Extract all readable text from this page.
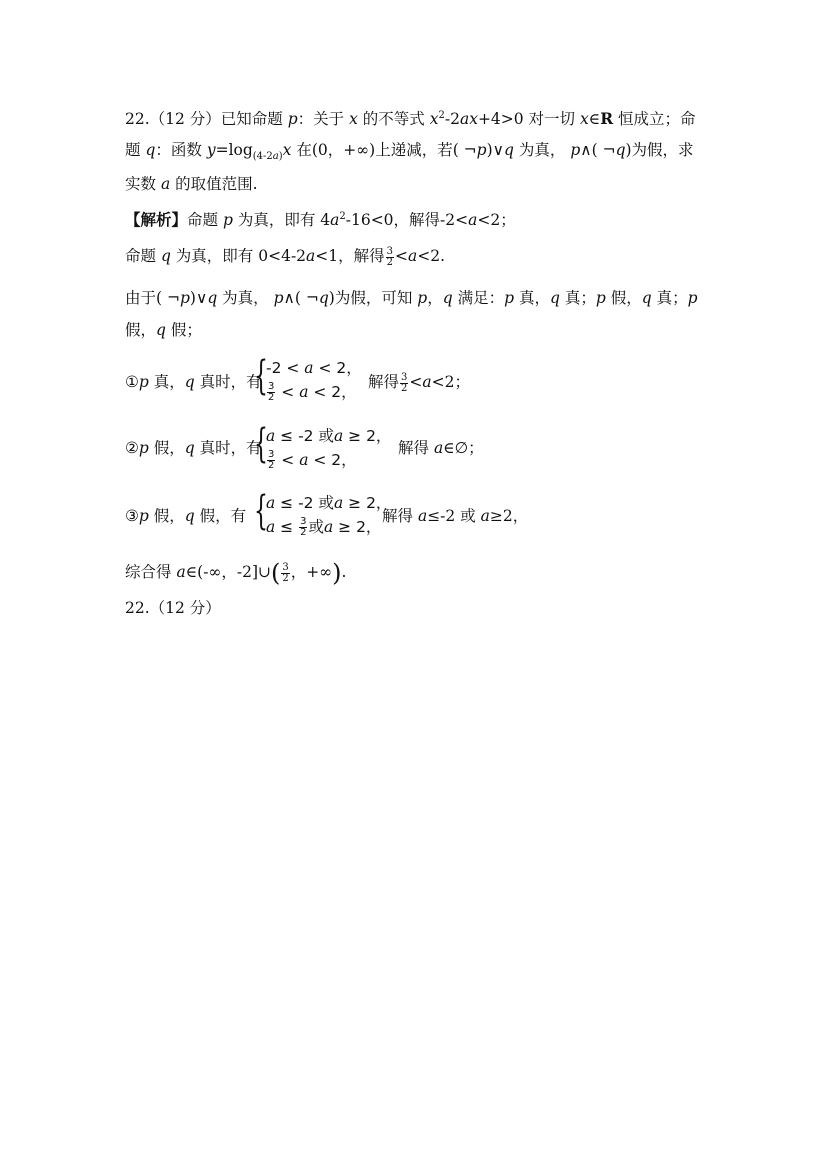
22.（12 分）已知命题 p：关于 x 的不等式 $x^2-2ax+4>0$ 对一切 x∈R 恒成立；命
题 q：函数 $y=\log_{(4-2a)}x$ 在(0，+∞)上递减，若( ¬p)∨q 为真， p∧( ¬q)为假，求
实数 a 的取值范围.
【解析】命题 p 为真，即有 $4a^2-16<0$，解得-2<a<2；
命题 q 为真，即有 0<4-2a<1，解得 $\frac{3}{2} <a<2$.
由于( ¬p)∨q 为真， p∧( ¬q)为假，可知 p，q 满足：p 真，q 真；p 假，q 真；p
假，q 假；
①p 真，q 真时，有
{
-2 < a < 2，
$\frac{3}{2} < a < 2$，
解得 $\frac{3}{2} <a<2$；
②p 假，q 真时，有
{
a ≤ -2 或a ≥ 2，
$\frac{3}{2} < a < 2$，
解得 a∈∅；
③p 假，q 假，有 {
a ≤ -2 或a ≥ 2，
$a \le \frac{3}{2}$ 或a ≥ 2，
解得 a≤-2 或 a≥2，
综合得 a∈(-∞，-2]∪( $\frac{3}{2}$ ，+∞).
22.（12 分）
